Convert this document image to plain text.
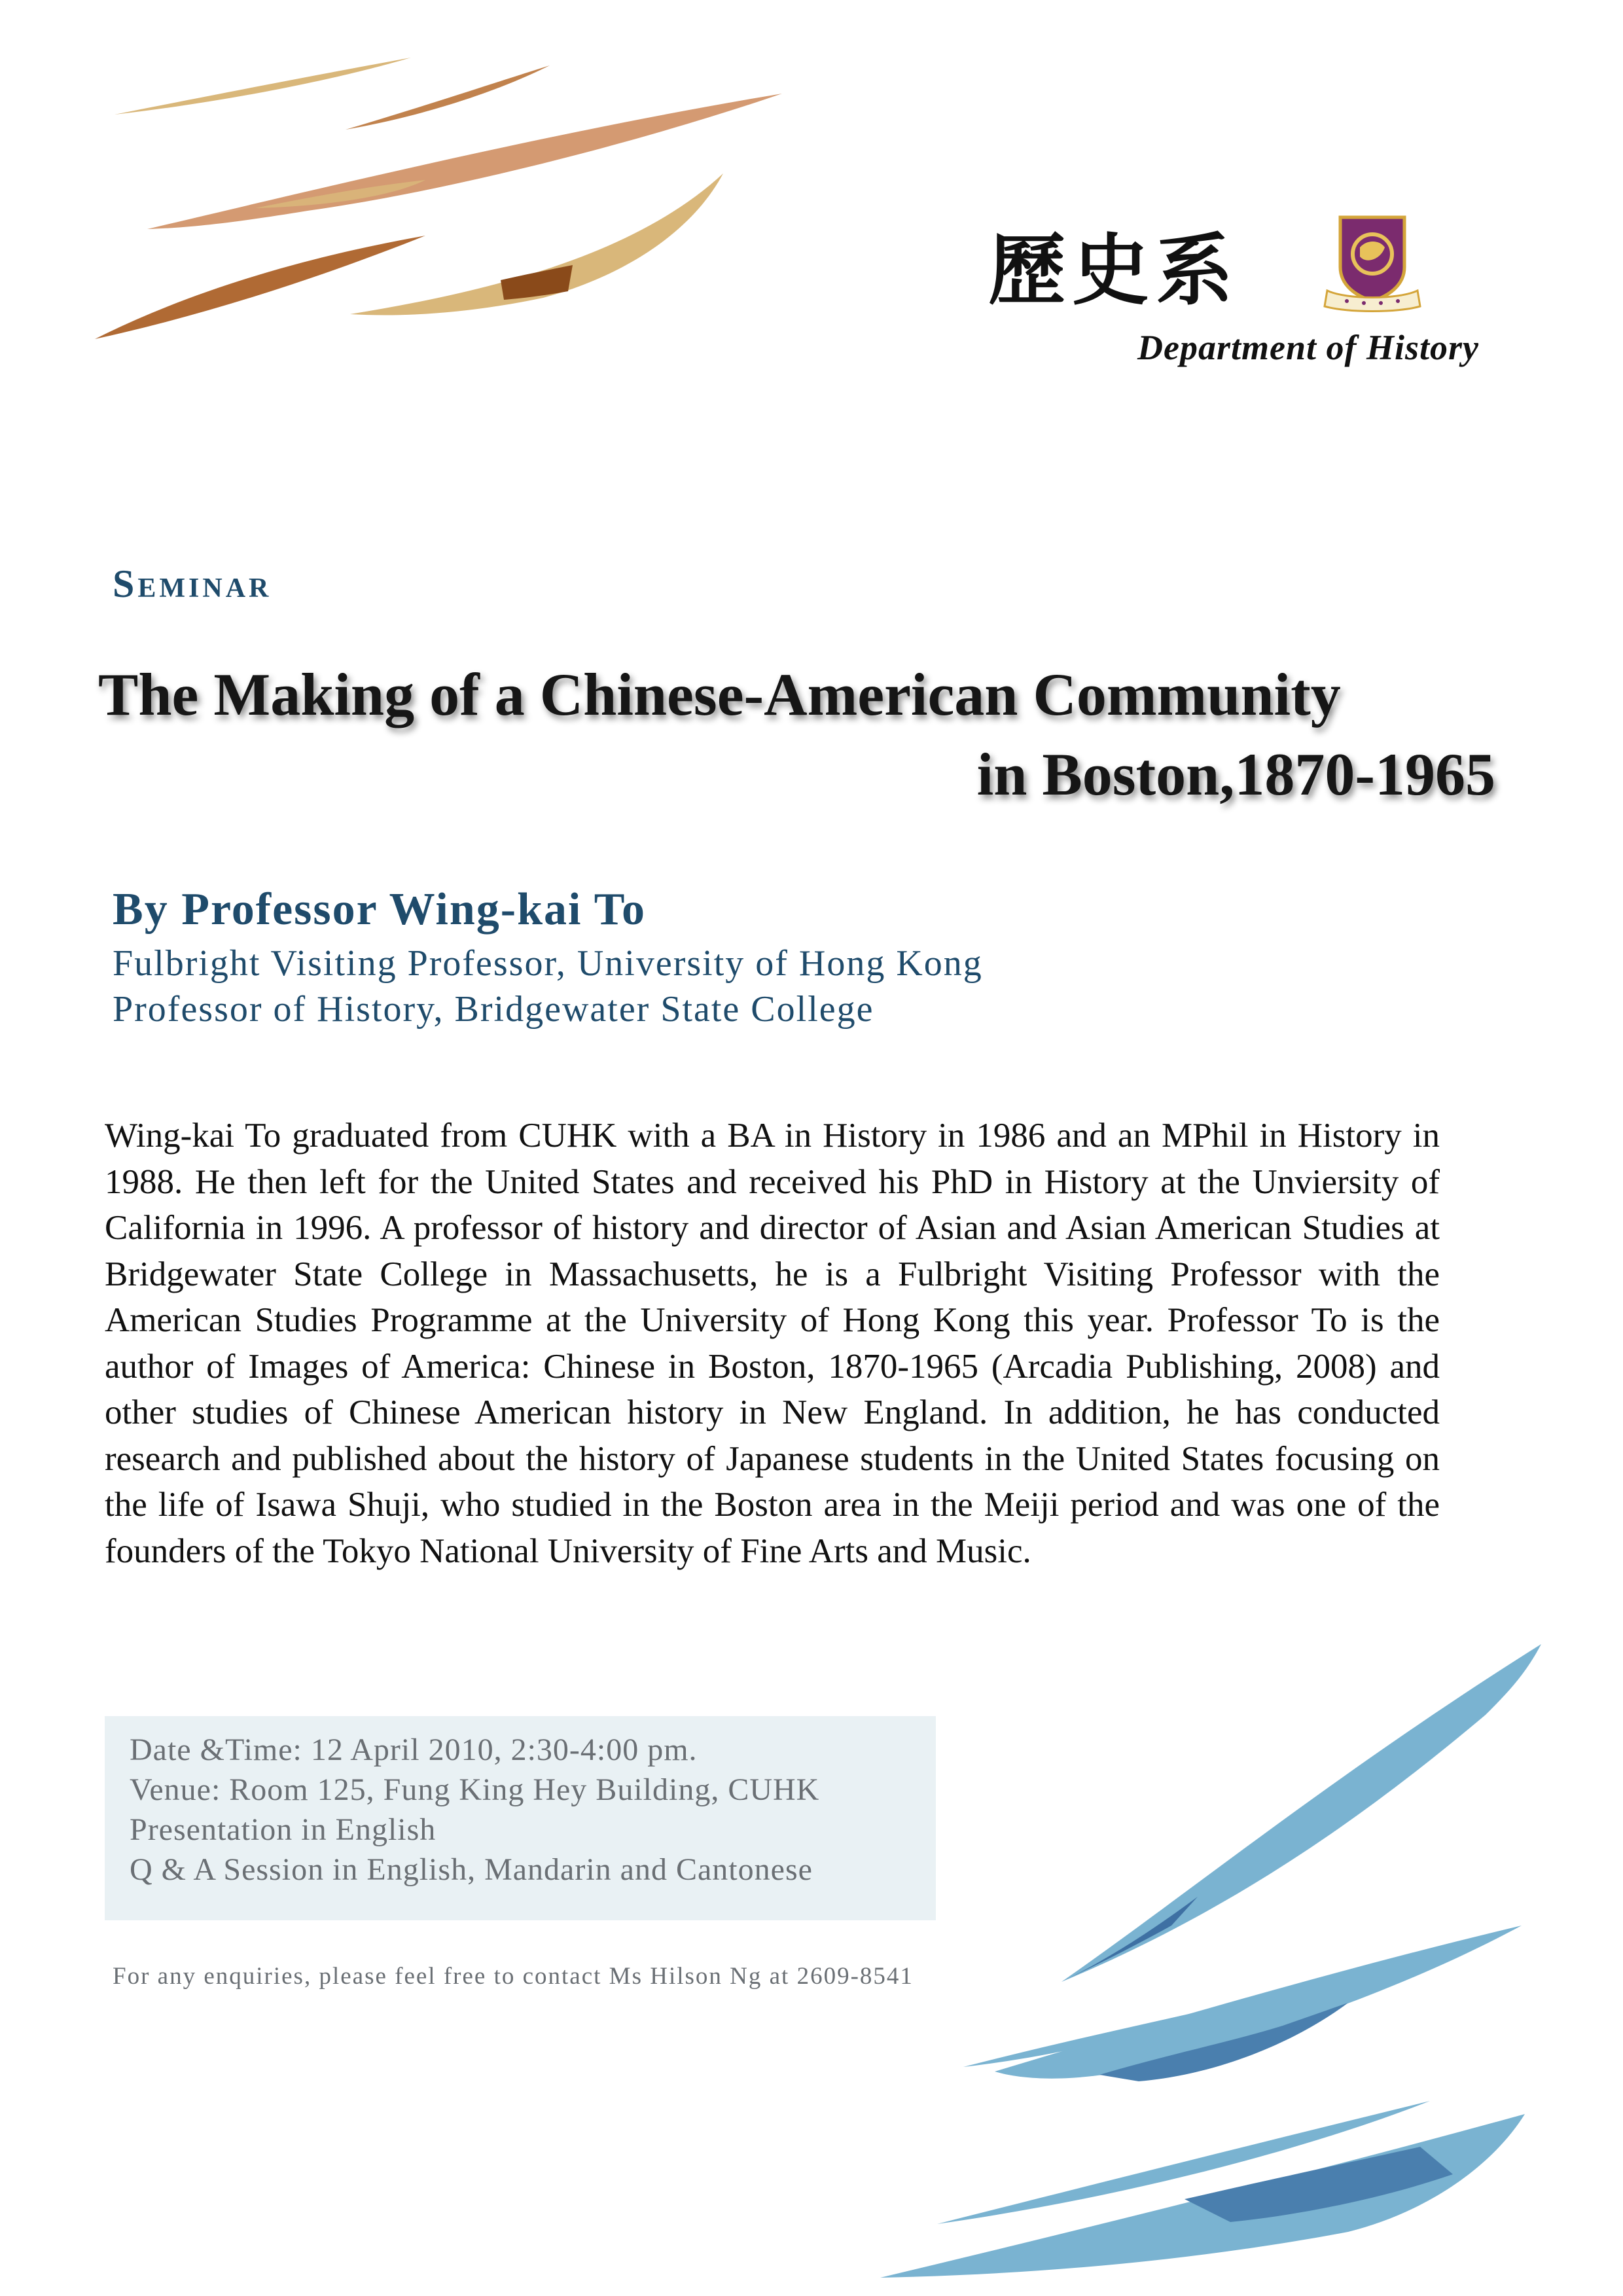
歷史系
Department of History
Seminar
The Making of a Chinese-American Community
in Boston,1870-1965
By Professor Wing-kai To
Fulbright Visiting Professor, University of Hong Kong
Professor of History, Bridgewater State College

Wing-kai To graduated from CUHK with a BA in History in 1986 and an MPhil in History in 1988. He then left for the United States and received his PhD in History at the Unviersity of California in 1996. A professor of history and director of Asian and Asian American Studies at Bridgewater State College in Massachusetts, he is a Fulbright Visiting Professor with the American Studies Programme at the University of Hong Kong this year. Professor To is the author of Images of America: Chinese in Boston, 1870-1965 (Arcadia Publishing, 2008) and other studies of Chinese American history in New England. In addition, he has conducted research and published about the history of Japanese students in the United States focusing on the life of Isawa Shuji, who studied in the Boston area in the Meiji period and was one of the founders of the Tokyo National University of Fine Arts and Music.

Date &Time: 12 April 2010, 2:30-4:00 pm.
Venue: Room 125, Fung King Hey Building, CUHK
Presentation in English
Q & A Session in English, Mandarin and Cantonese
For any enquiries, please feel free to contact Ms Hilson Ng at 2609-8541
